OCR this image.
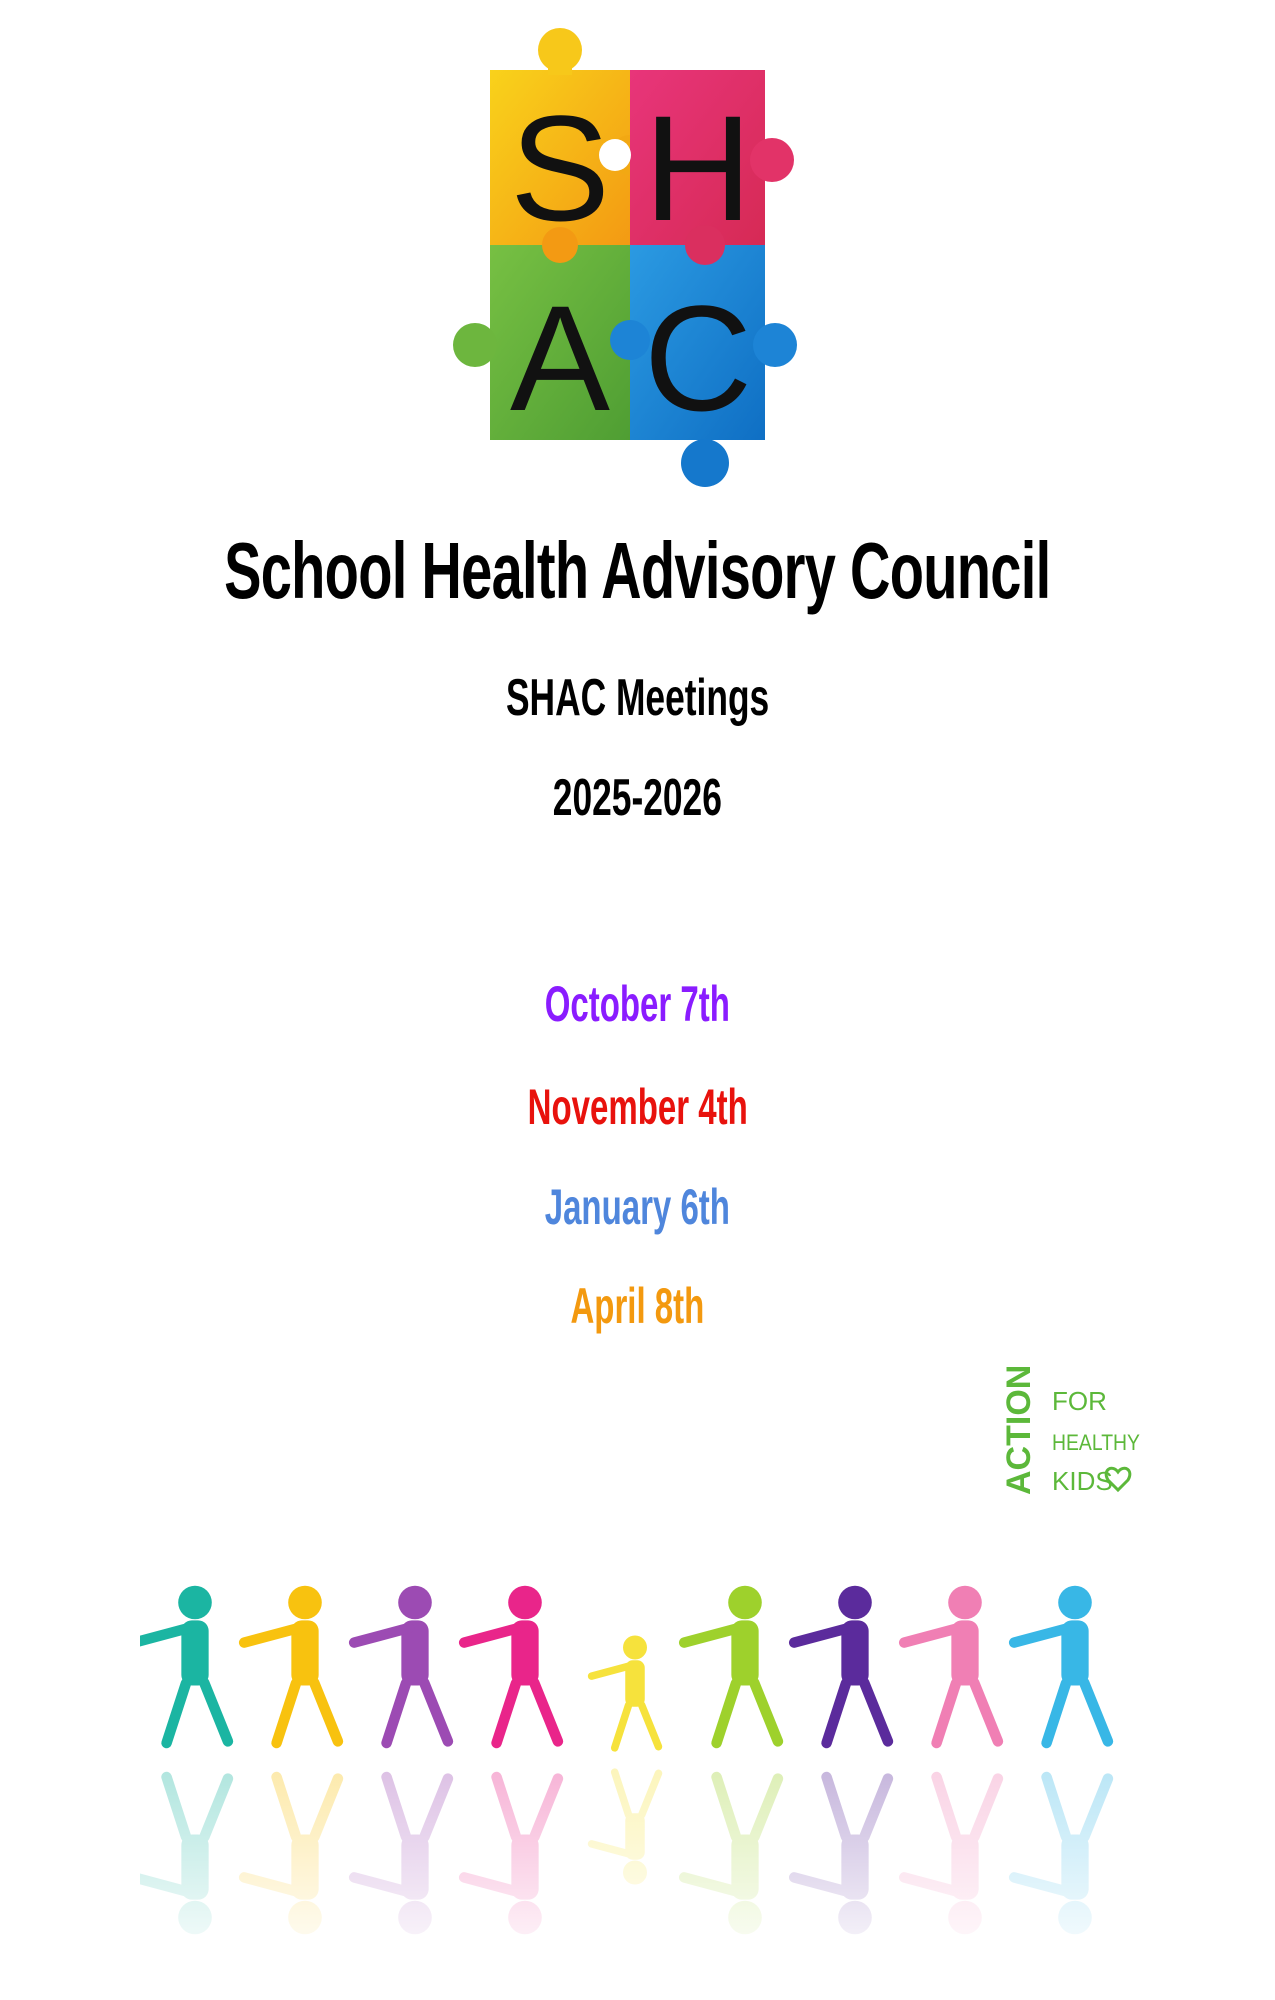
S H
A C
School Health Advisory Council
SHAC Meetings
2025-2026
October 7th
November 4th
January 6th
April 8th
ACTION FOR
HEALTHY
KIDS
